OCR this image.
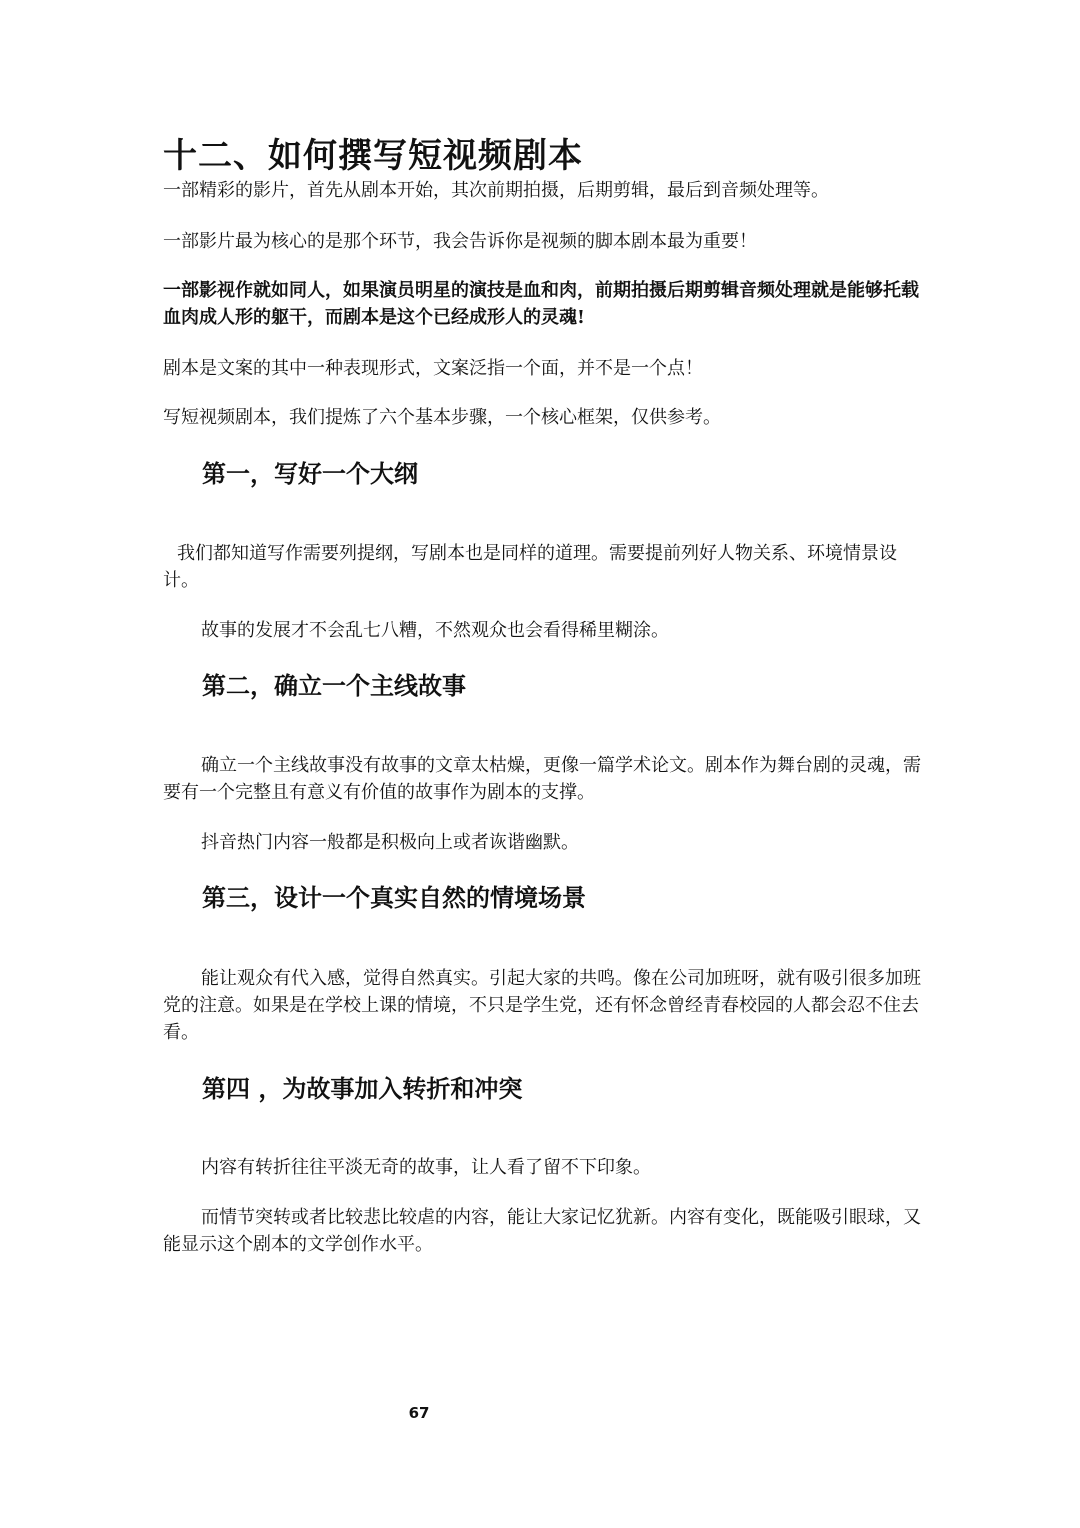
十二、如何撰写短视频剧本
一部精彩的影片，首先从剧本开始，其次前期拍摄，后期剪辑，最后到音频处理等。
一部影片最为核心的是那个环节，我会告诉你是视频的脚本剧本最为重要！
一部影视作就如同人，如果演员明星的演技是血和肉，前期拍摄后期剪辑音频处理就是能够托载血肉成人形的躯干，而剧本是这个已经成形人的灵魂!
剧本是文案的其中一种表现形式，文案泛指一个面，并不是一个点！
写短视频剧本，我们提炼了六个基本步骤，一个核心框架，仅供参考。
第一，写好一个大纲
我们都知道写作需要列提纲，写剧本也是同样的道理。需要提前列好人物关系、环境情景设计。
故事的发展才不会乱七八糟，不然观众也会看得稀里糊涂。
第二，确立一个主线故事
确立一个主线故事没有故事的文章太枯燥，更像一篇学术论文。剧本作为舞台剧的灵魂，需要有一个完整且有意义有价值的故事作为剧本的支撑。
抖音热门内容一般都是积极向上或者诙谐幽默。
第三，设计一个真实自然的情境场景
能让观众有代入感，觉得自然真实。引起大家的共鸣。像在公司加班呀，就有吸引很多加班党的注意。如果是在学校上课的情境，不只是学生党，还有怀念曾经青春校园的人都会忍不住去看。
第四 ，为故事加入转折和冲突
内容有转折往往平淡无奇的故事，让人看了留不下印象。
而情节突转或者比较悲比较虐的内容，能让大家记忆犹新。内容有变化，既能吸引眼球，又能显示这个剧本的文学创作水平。
67
